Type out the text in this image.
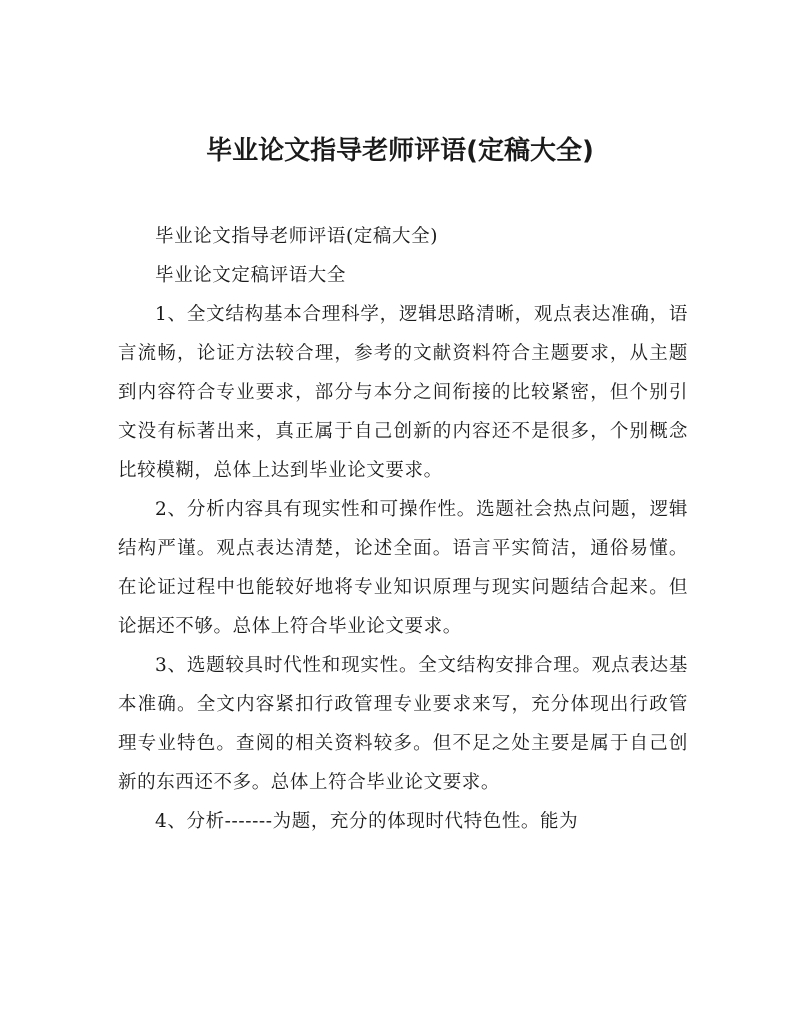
毕业论文指导老师评语(定稿大全)

毕业论文指导老师评语(定稿大全)

毕业论文定稿评语大全

1、全文结构基本合理科学，逻辑思路清晰，观点表达准确，语言流畅，论证方法较合理，参考的文献资料符合主题要求，从主题到内容符合专业要求，部分与本分之间衔接的比较紧密，但个别引文没有标著出来，真正属于自己创新的内容还不是很多，个别概念比较模糊，总体上达到毕业论文要求。

2、分析内容具有现实性和可操作性。选题社会热点问题，逻辑结构严谨。观点表达清楚，论述全面。语言平实简洁，通俗易懂。在论证过程中也能较好地将专业知识原理与现实问题结合起来。但论据还不够。总体上符合毕业论文要求。

3、选题较具时代性和现实性。全文结构安排合理。观点表达基本准确。全文内容紧扣行政管理专业要求来写，充分体现出行政管理专业特色。查阅的相关资料较多。但不足之处主要是属于自己创新的东西还不多。总体上符合毕业论文要求。

4、分析-------为题，充分的体现时代特色性。能为
